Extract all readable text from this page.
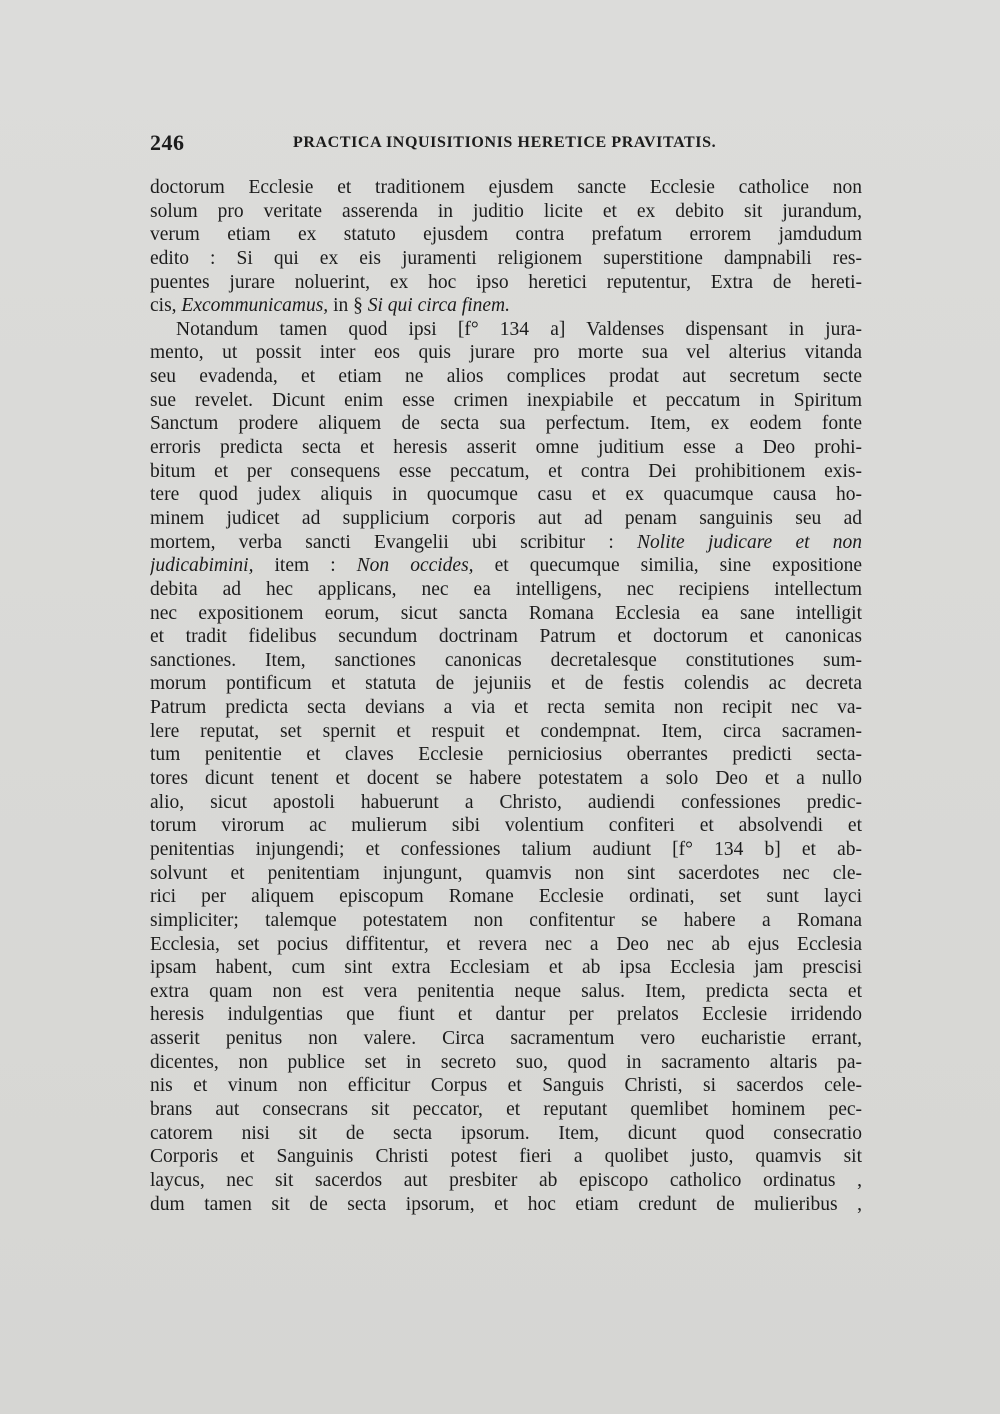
246	PRACTICA INQUISITIONIS HERETICE PRAVITATIS.
doctorum Ecclesie et traditionem ejusdem sancte Ecclesie catholice non
solum pro veritate asserenda in juditio licite et ex debito sit jurandum,
verum etiam ex statuto ejusdem contra prefatum errorem jamdudum
edito : Si qui ex eis juramenti religionem superstitione dampnabili res-
puentes jurare noluerint, ex hoc ipso heretici reputentur, Extra de hereti-
cis, Excommunicamus, in § Si qui circa finem.
Notandum tamen quod ipsi [f° 134 a] Valdenses dispensant in jura-
mento, ut possit inter eos quis jurare pro morte sua vel alterius vitanda
seu evadenda, et etiam ne alios complices prodat aut secretum secte
sue revelet. Dicunt enim esse crimen inexpiabile et peccatum in Spiritum
Sanctum prodere aliquem de secta sua perfectum. Item, ex eodem fonte
erroris predicta secta et heresis asserit omne juditium esse a Deo prohi-
bitum et per consequens esse peccatum, et contra Dei prohibitionem exis-
tere quod judex aliquis in quocumque casu et ex quacumque causa ho-
minem judicet ad supplicium corporis aut ad penam sanguinis seu ad
mortem, verba sancti Evangelii ubi scribitur : Nolite judicare et non
judicabimini, item : Non occides, et quecumque similia, sine expositione
debita ad hec applicans, nec ea intelligens, nec recipiens intellectum
nec expositionem eorum, sicut sancta Romana Ecclesia ea sane intelligit
et tradit fidelibus secundum doctrinam Patrum et doctorum et canonicas
sanctiones. Item, sanctiones canonicas decretalesque constitutiones sum-
morum pontificum et statuta de jejuniis et de festis colendis ac decreta
Patrum predicta secta devians a via et recta semita non recipit nec va-
lere reputat, set spernit et respuit et condempnat. Item, circa sacramen-
tum penitentie et claves Ecclesie perniciosius oberrantes predicti secta-
tores dicunt tenent et docent se habere potestatem a solo Deo et a nullo
alio, sicut apostoli habuerunt a Christo, audiendi confessiones predic-
torum virorum ac mulierum sibi volentium confiteri et absolvendi et
penitentias injungendi; et confessiones talium audiunt [f° 134 b] et ab-
solvunt et penitentiam injungunt, quamvis non sint sacerdotes nec cle-
rici per aliquem episcopum Romane Ecclesie ordinati, set sunt layci
simpliciter; talemque potestatem non confitentur se habere a Romana
Ecclesia, set pocius diffitentur, et revera nec a Deo nec ab ejus Ecclesia
ipsam habent, cum sint extra Ecclesiam et ab ipsa Ecclesia jam prescisi
extra quam non est vera penitentia neque salus. Item, predicta secta et
heresis indulgentias que fiunt et dantur per prelatos Ecclesie irridendo
asserit penitus non valere. Circa sacramentum vero eucharistie errant,
dicentes, non publice set in secreto suo, quod in sacramento altaris pa-
nis et vinum non efficitur Corpus et Sanguis Christi, si sacerdos cele-
brans aut consecrans sit peccator, et reputant quemlibet hominem pec-
catorem nisi sit de secta ipsorum. Item, dicunt quod consecratio
Corporis et Sanguinis Christi potest fieri a quolibet justo, quamvis sit
laycus, nec sit sacerdos aut presbiter ab episcopo catholico ordinatus ,
dum tamen sit de secta ipsorum, et hoc etiam credunt de mulieribus ,
